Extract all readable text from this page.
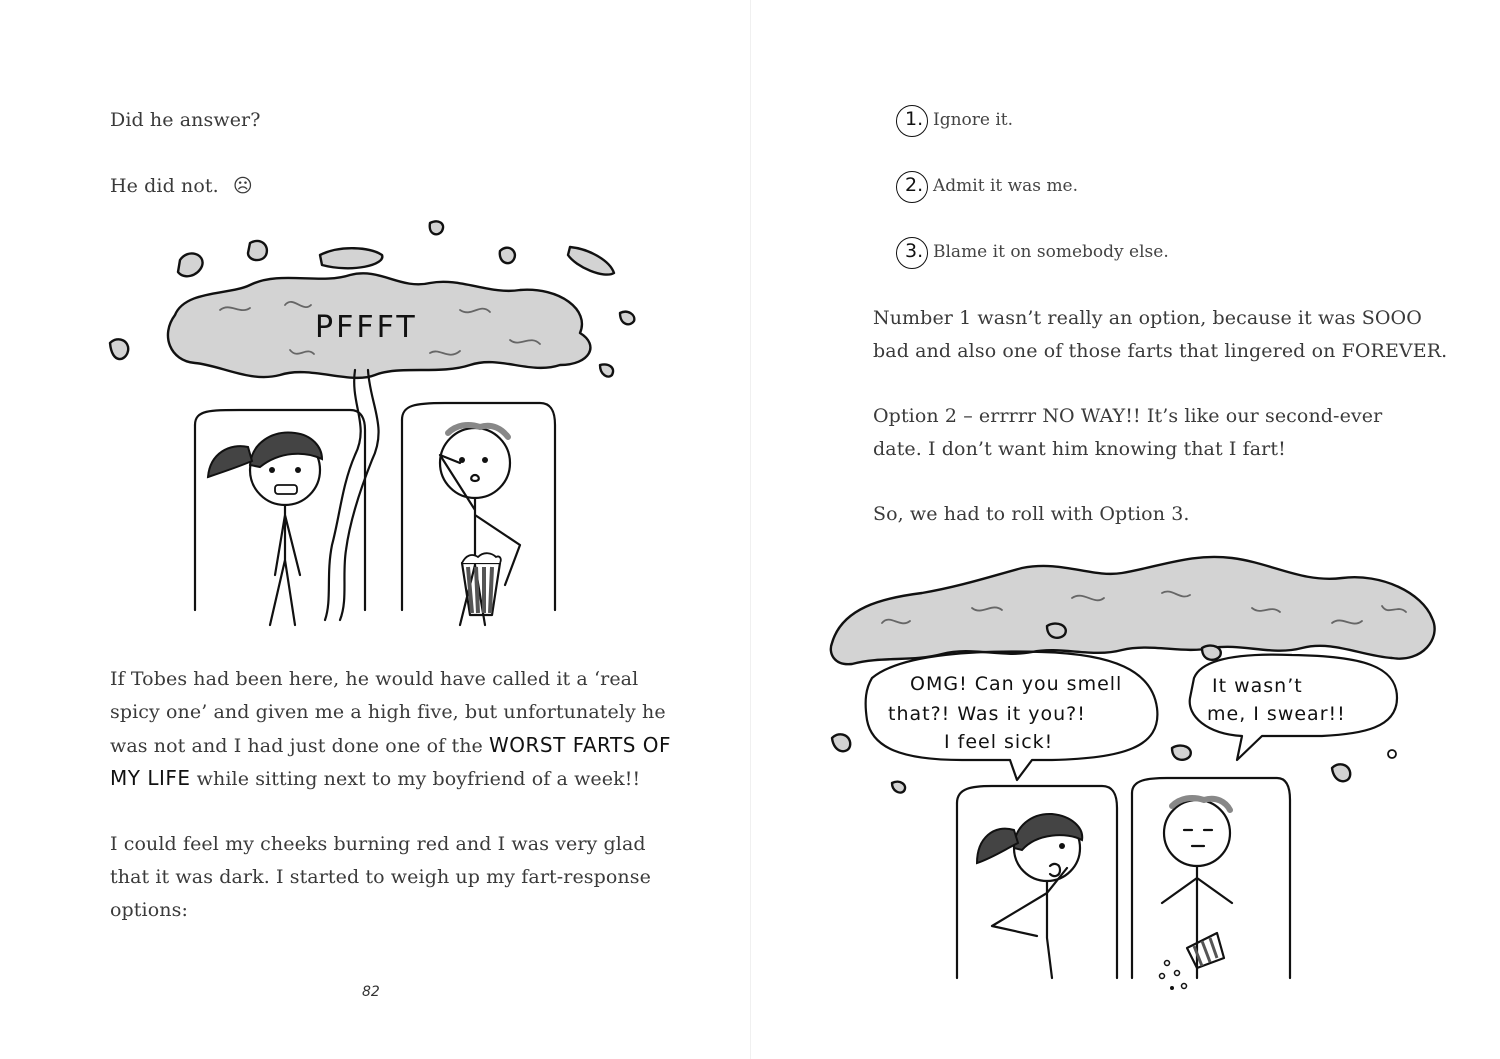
Did he answer?
He did not. ☹
PFFFT
If Tobes had been here, he would have called it a ‘real
spicy one’ and given me a high five, but unfortunately he
was not and I had just done one of the WORST FARTS OF
MY LIFE while sitting next to my boyfriend of a week!!
I could feel my cheeks burning red and I was very glad
that it was dark. I started to weigh up my fart-response
options:
82
1. Ignore it.
2. Admit it was me.
3. Blame it on somebody else.
Number 1 wasn’t really an option, because it was SOOO
bad and also one of those farts that lingered on FOREVER.
Option 2 – errrrr NO WAY!! It’s like our second-ever
date. I don’t want him knowing that I fart!
So, we had to roll with Option 3.
OMG! Can you smell
that?! Was it you?!
I feel sick!
It wasn’t
me, I swear!!
